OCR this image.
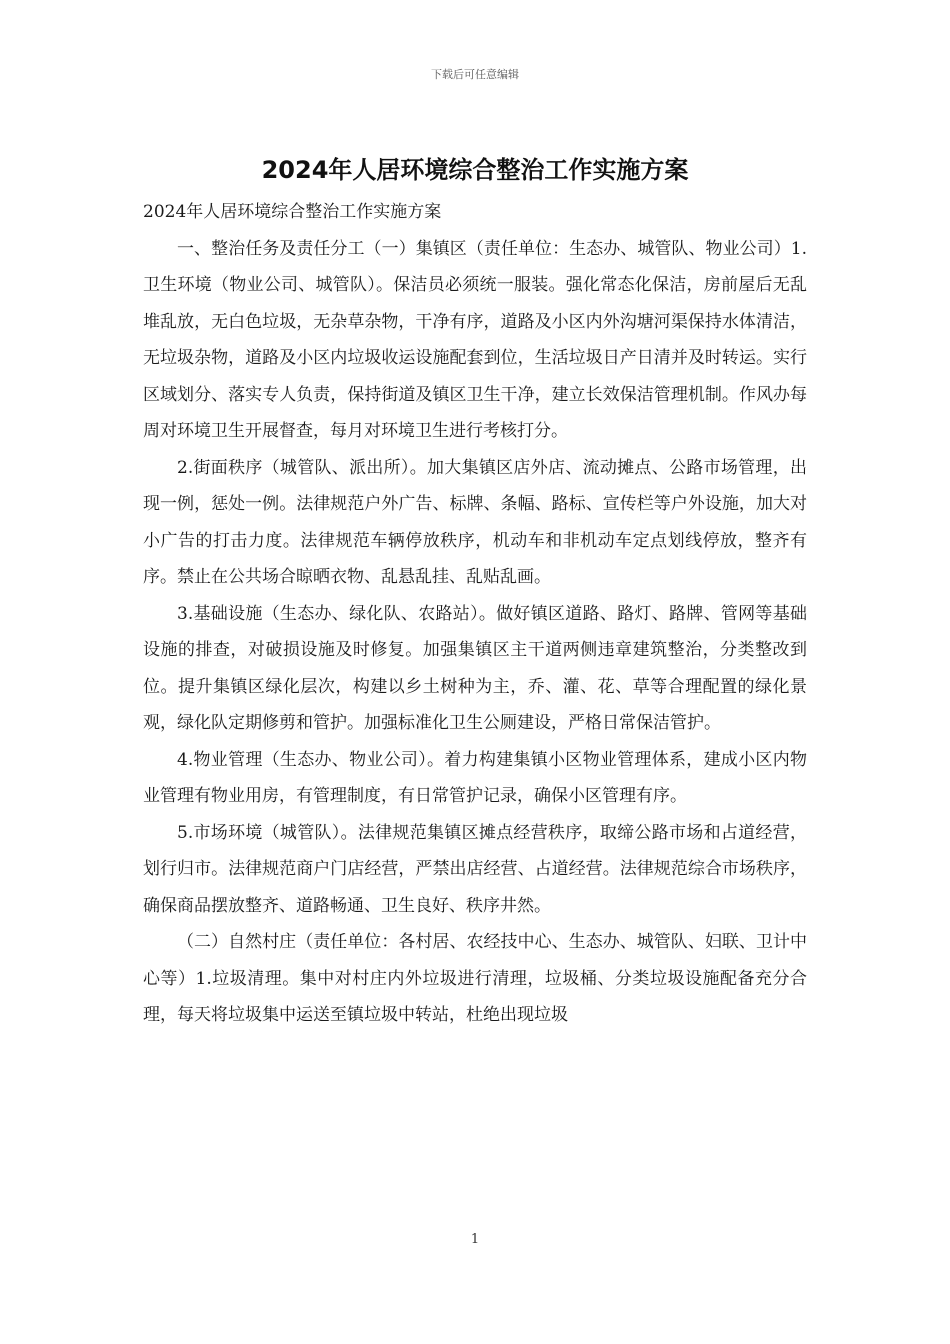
下载后可任意编辑
2024年人居环境综合整治工作实施方案

2024年人居环境综合整治工作实施方案

一、整治任务及责任分工（一）集镇区（责任单位：生态办、城管队、物业公司）1.卫生环境（物业公司、城管队）。保洁员必须统一服装。强化常态化保洁，房前屋后无乱堆乱放，无白色垃圾，无杂草杂物，干净有序，道路及小区内外沟塘河渠保持水体清洁，无垃圾杂物，道路及小区内垃圾收运设施配套到位，生活垃圾日产日清并及时转运。实行区域划分、落实专人负责，保持街道及镇区卫生干净，建立长效保洁管理机制。作风办每周对环境卫生开展督查，每月对环境卫生进行考核打分。

2.街面秩序（城管队、派出所）。加大集镇区店外店、流动摊点、公路市场管理，出现一例，惩处一例。法律规范户外广告、标牌、条幅、路标、宣传栏等户外设施，加大对小广告的打击力度。法律规范车辆停放秩序，机动车和非机动车定点划线停放，整齐有序。禁止在公共场合晾晒衣物、乱悬乱挂、乱贴乱画。

3.基础设施（生态办、绿化队、农路站）。做好镇区道路、路灯、路牌、管网等基础设施的排查，对破损设施及时修复。加强集镇区主干道两侧违章建筑整治，分类整改到位。提升集镇区绿化层次，构建以乡土树种为主，乔、灌、花、草等合理配置的绿化景观，绿化队定期修剪和管护。加强标准化卫生公厕建设，严格日常保洁管护。

4.物业管理（生态办、物业公司）。着力构建集镇小区物业管理体系，建成小区内物业管理有物业用房，有管理制度，有日常管护记录，确保小区管理有序。

5.市场环境（城管队）。法律规范集镇区摊点经营秩序，取缔公路市场和占道经营，划行归市。法律规范商户门店经营，严禁出店经营、占道经营。法律规范综合市场秩序，确保商品摆放整齐、道路畅通、卫生良好、秩序井然。

（二）自然村庄（责任单位：各村居、农经技中心、生态办、城管队、妇联、卫计中心等）1.垃圾清理。集中对村庄内外垃圾进行清理，垃圾桶、分类垃圾设施配备充分合理，每天将垃圾集中运送至镇垃圾中转站，杜绝出现垃圾

1
